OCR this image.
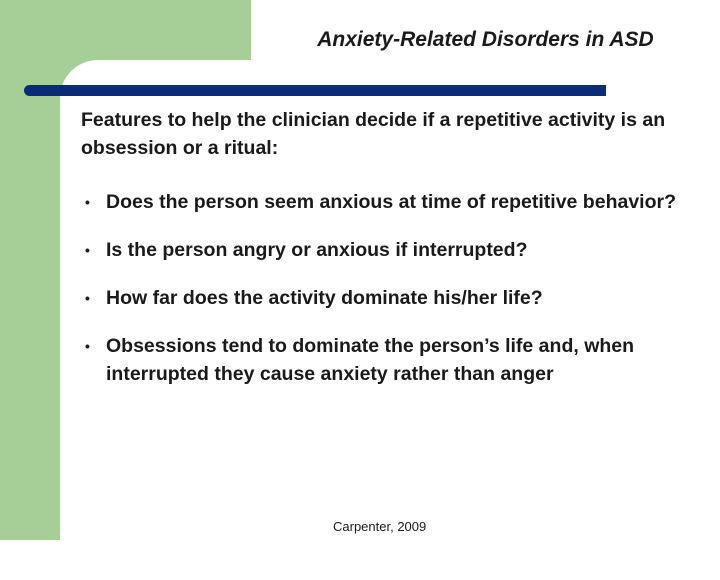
Anxiety-Related Disorders in ASD
Features to help the clinician decide if a repetitive activity is an obsession or a ritual:
• Does the person seem anxious at time of repetitive behavior?
• Is the person angry or anxious if interrupted?
• How far does the activity dominate his/her life?
• Obsessions tend to dominate the person’s life and, when interrupted they cause anxiety rather than anger
Carpenter, 2009
